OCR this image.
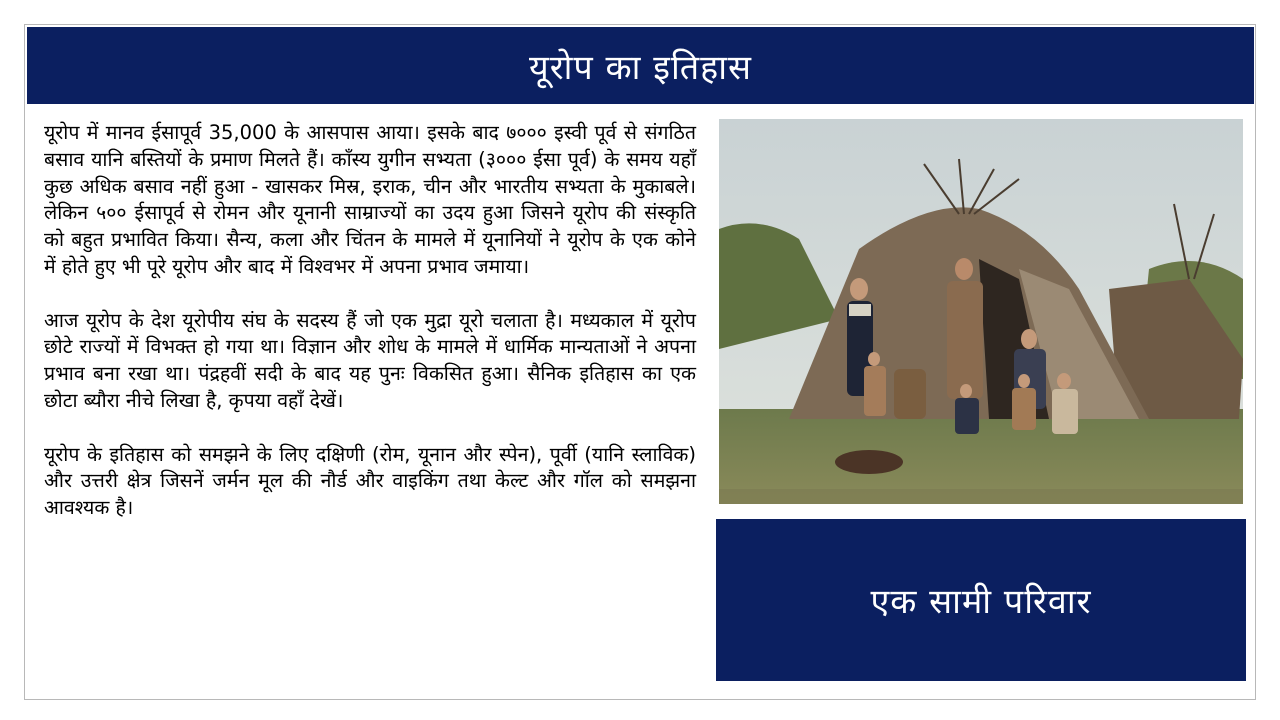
यूरोप का इतिहास

यूरोप में मानव ईसापूर्व 35,000 के आसपास आया। इसके बाद ७००० इस्वी पूर्व से संगठित बसाव यानि बस्तियों के प्रमाण मिलते हैं। काँस्य युगीन सभ्यता (३००० ईसा पूर्व) के समय यहाँ कुछ अधिक बसाव नहीं हुआ - खासकर मिस्र, इराक, चीन और भारतीय सभ्यता के मुकाबले। लेकिन ५०० ईसापूर्व से रोमन और यूनानी साम्राज्यों का उदय हुआ जिसने यूरोप की संस्कृति को बहुत प्रभावित किया। सैन्य, कला और चिंतन के मामले में यूनानियों ने यूरोप के एक कोने में होते हुए भी पूरे यूरोप और बाद में विश्वभर में अपना प्रभाव जमाया।

आज यूरोप के देश यूरोपीय संघ के सदस्य हैं जो एक मुद्रा यूरो चलाता है। मध्यकाल में यूरोप छोटे राज्यों में विभक्त हो गया था। विज्ञान और शोध के मामले में धार्मिक मान्यताओं ने अपना प्रभाव बना रखा था। पंद्रहवीं सदी के बाद यह पुनः विकसित हुआ। सैनिक इतिहास का एक छोटा ब्यौरा नीचे लिखा है, कृपया वहाँ देखें।

यूरोप के इतिहास को समझने के लिए दक्षिणी (रोम, यूनान और स्पेन), पूर्वी (यानि स्लाविक) और उत्तरी क्षेत्र जिसनें जर्मन मूल की नौर्ड और वाइकिंग तथा केल्ट और गॉल को समझना आवश्यक है।

एक सामी परिवार
